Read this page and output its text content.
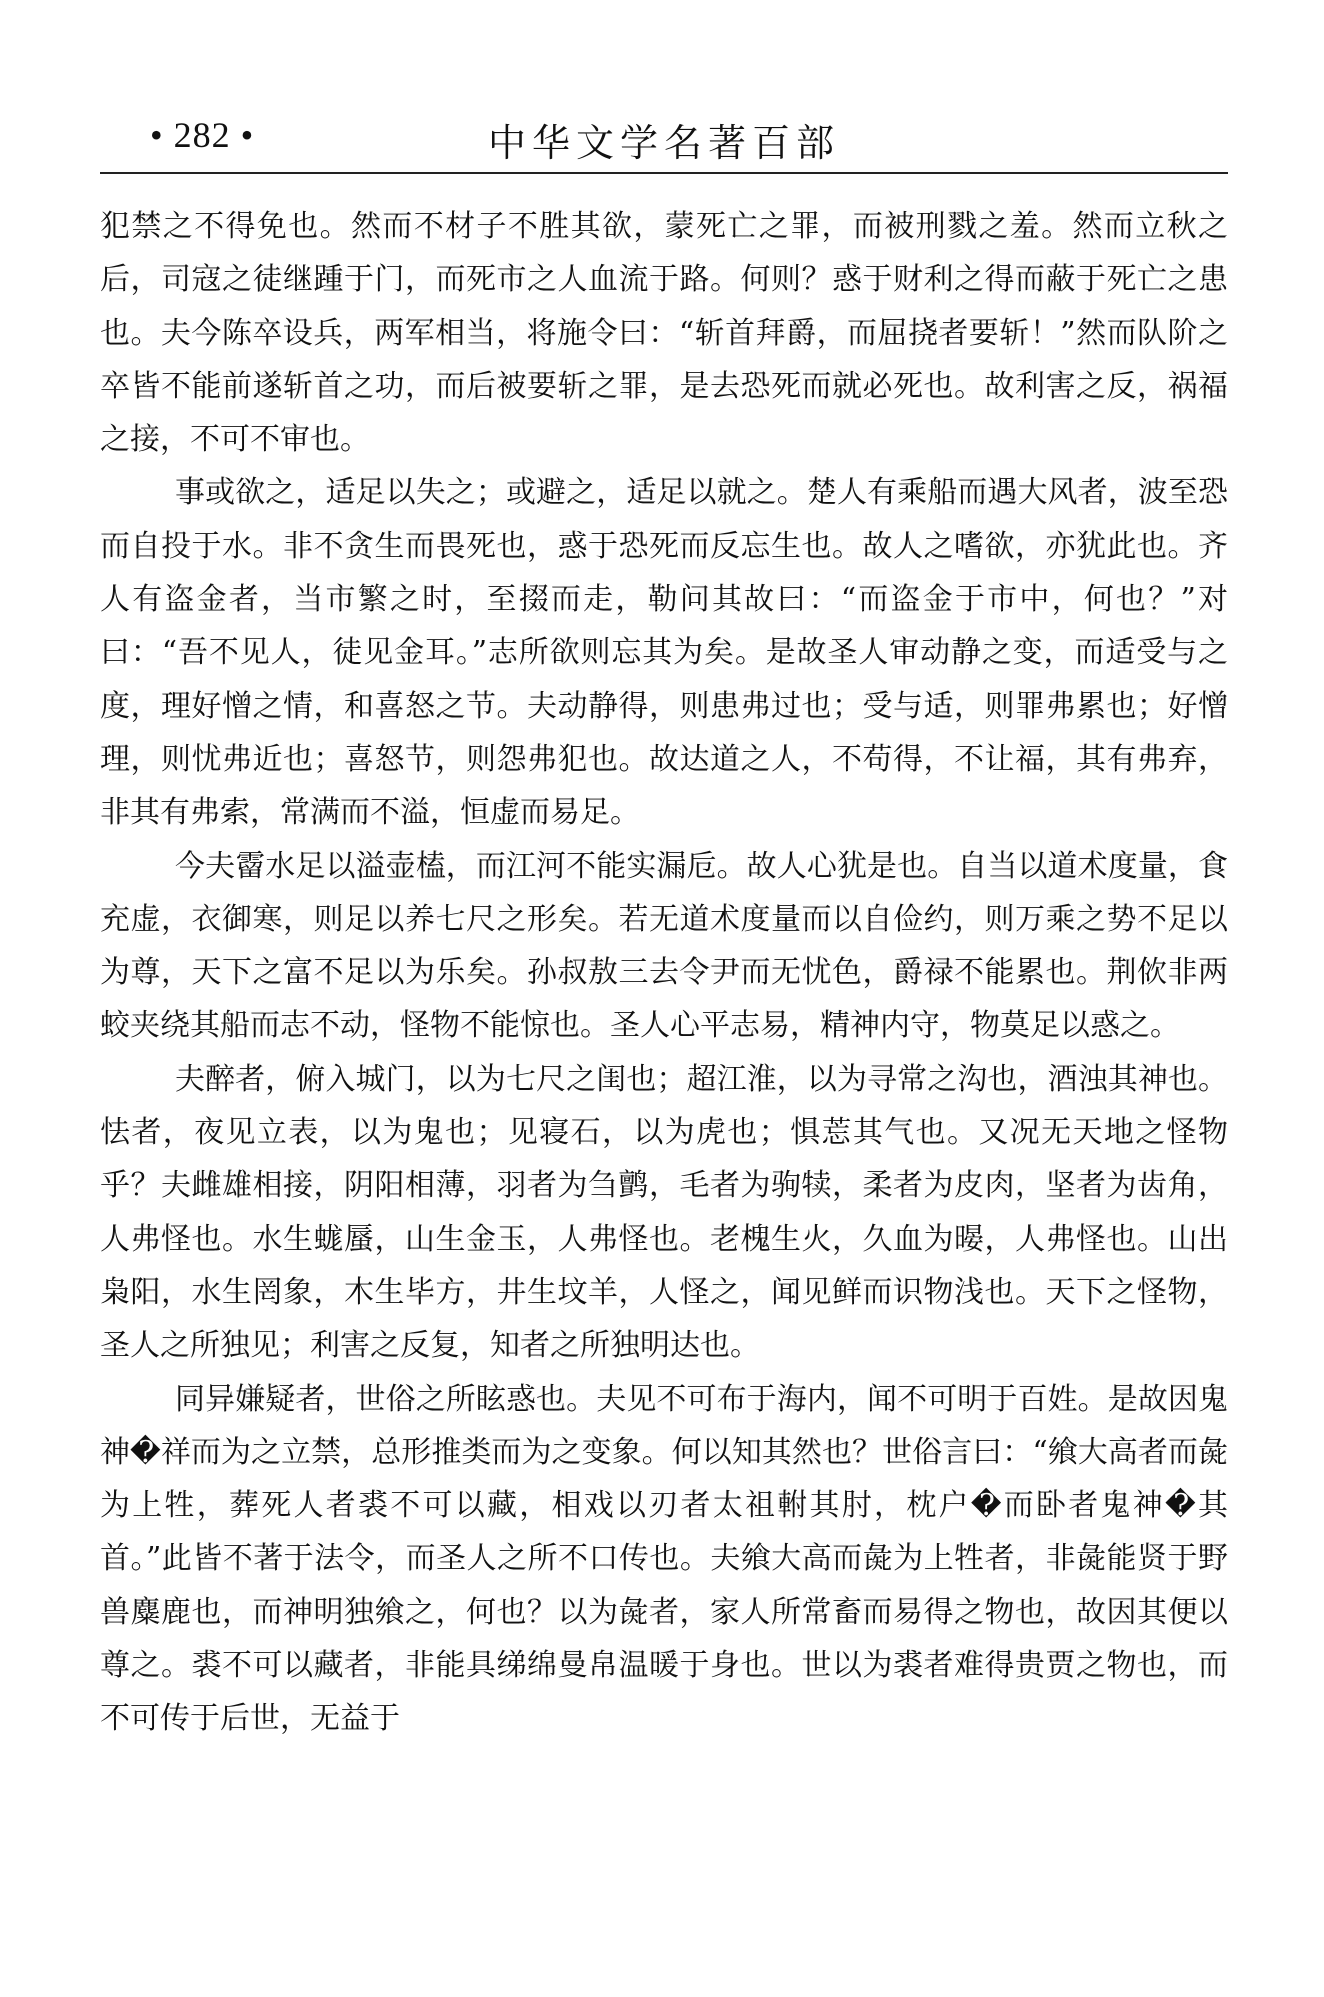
• 282 •	中华文学名著百部

犯禁之不得免也。然而不材子不胜其欲，蒙死亡之罪，而被刑戮之羞。然而立秋之后，司寇之徒继踵于门，而死市之人血流于路。何则？惑于财利之得而蔽于死亡之患也。夫今陈卒设兵，两军相当，将施令曰：“斩首拜爵，而屈挠者要斩！”然而队阶之卒皆不能前遂斩首之功，而后被要斩之罪，是去恐死而就必死也。故利害之反，祸福之接，不可不审也。

事或欲之，适足以失之；或避之，适足以就之。楚人有乘船而遇大风者，波至恐而自投于水。非不贪生而畏死也，惑于恐死而反忘生也。故人之嗜欲，亦犹此也。齐人有盗金者，当市繁之时，至掇而走，勒问其故曰：“而盗金于市中，何也？”对曰：“吾不见人，徒见金耳。”志所欲则忘其为矣。是故圣人审动静之变，而适受与之度，理好憎之情，和喜怒之节。夫动静得，则患弗过也；受与适，则罪弗累也；好憎理，则忧弗近也；喜怒节，则怨弗犯也。故达道之人，不苟得，不让福，其有弗弃，非其有弗索，常满而不溢，恒虚而易足。

今夫霤水足以溢壶榼，而江河不能实漏卮。故人心犹是也。自当以道术度量，食充虚，衣御寒，则足以养七尺之形矣。若无道术度量而以自俭约，则万乘之势不足以为尊，天下之富不足以为乐矣。孙叔敖三去令尹而无忧色，爵禄不能累也。荆佽非两蛟夹绕其船而志不动，怪物不能惊也。圣人心平志易，精神内守，物莫足以惑之。

夫醉者，俯入城门，以为七尺之闺也；超江淮，以为寻常之沟也，酒浊其神也。怯者，夜见立表，以为鬼也；见寝石，以为虎也；惧莣其气也。又况无天地之怪物乎？夫雌雄相接，阴阳相薄，羽者为刍鹯，毛者为驹犊，柔者为皮肉，坚者为齿角，人弗怪也。水生蛖蜃，山生金玉，人弗怪也。老槐生火，久血为暥，人弗怪也。山出枭阳，水生罔象，木生毕方，井生坟羊，人怪之，闻见鲜而识物浅也。天下之怪物，圣人之所独见；利害之反复，知者之所独明达也。

同异嫌疑者，世俗之所眩惑也。夫见不可布于海内，闻不可明于百姓。是故因鬼神�祥而为之立禁，总形推类而为之变象。何以知其然也？世俗言曰：“飨大高者而彘为上牲，葬死人者裘不可以藏，相戏以刃者太祖軵其肘，枕户�而卧者鬼神�其首。”此皆不著于法令，而圣人之所不口传也。夫飨大高而彘为上牲者，非彘能贤于野兽麋鹿也，而神明独飨之，何也？以为彘者，家人所常畜而易得之物也，故因其便以尊之。裘不可以藏者，非能具绨绵曼帛温暖于身也。世以为裘者难得贵贾之物也，而不可传于后世，无益于
